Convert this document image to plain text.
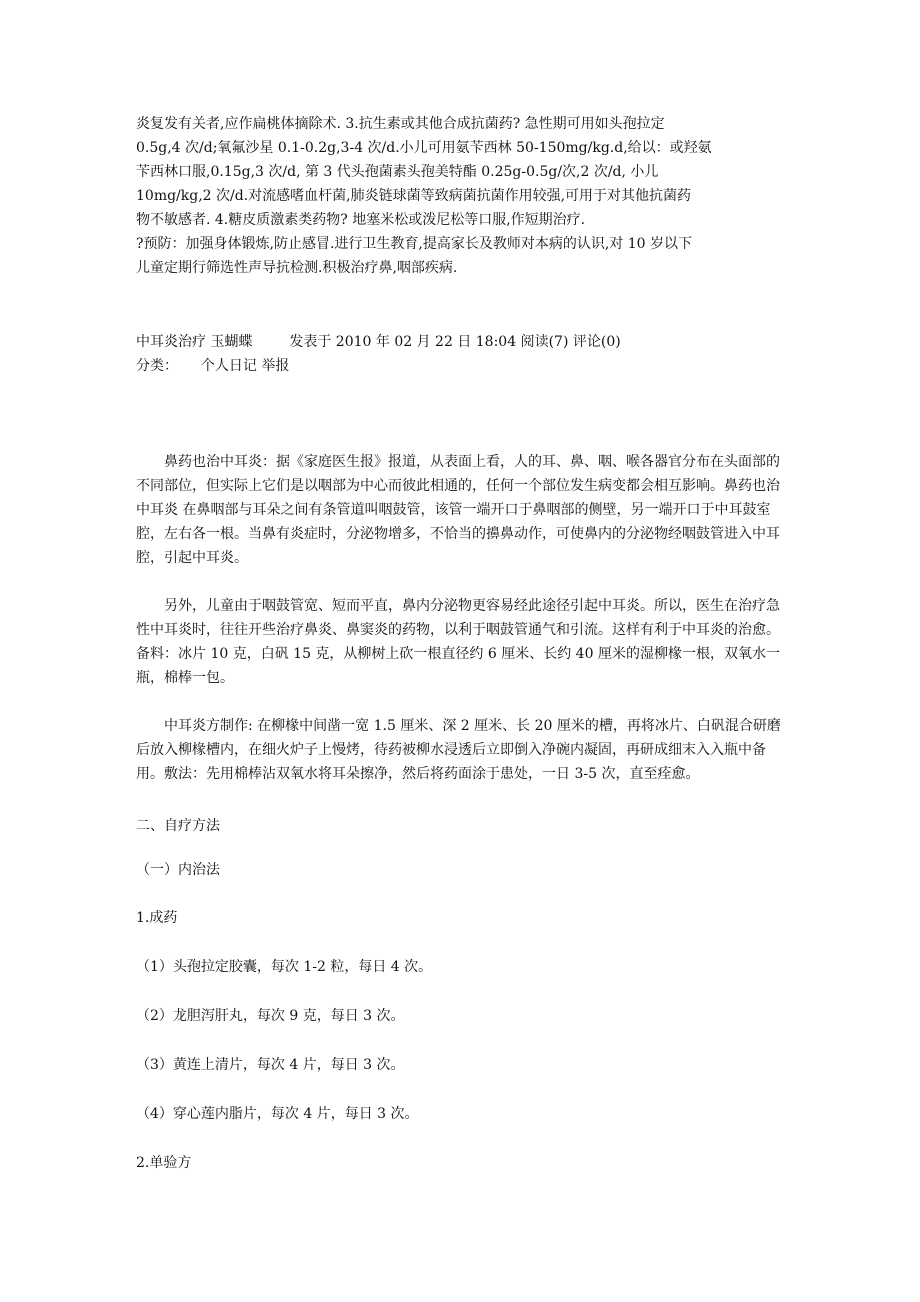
炎复发有关者,应作扁桃体摘除术. 3.抗生素或其他合成抗菌药? 急性期可用如头孢拉定

0.5g,4 次/d;氧氟沙星 0.1-0.2g,3-4 次/d.小儿可用氨苄西林 50-150mg/kg.d,给以：或羟氨

苄西林口服,0.15g,3 次/d, 第 3 代头孢菌素头孢美特酯 0.25g-0.5g/次,2 次/d, 小儿

10mg/kg,2 次/d.对流感嗜血杆菌,肺炎链球菌等致病菌抗菌作用较强,可用于对其他抗菌药

物不敏感者. 4.糖皮质激素类药物? 地塞米松或泼尼松等口服,作短期治疗.

?预防：加强身体锻炼,防止感冒.进行卫生教育,提高家长及教师对本病的认识,对 10 岁以下

儿童定期行筛选性声导抗检测.积极治疗鼻,咽部疾病.

中耳炎治疗 玉蝴蝶	发表于 2010 年 02 月 22 日 18:04 阅读(7) 评论(0)

分类： 个人日记 举报

鼻药也治中耳炎：据《家庭医生报》报道，从表面上看，人的耳、鼻、咽、喉各器官分布在头面部的不同部位，但实际上它们是以咽部为中心而彼此相通的，任何一个部位发生病变都会相互影响。鼻药也治中耳炎 在鼻咽部与耳朵之间有条管道叫咽鼓管，该管一端开口于鼻咽部的侧壁，另一端开口于中耳鼓室腔，左右各一根。当鼻有炎症时，分泌物增多，不恰当的擤鼻动作，可使鼻内的分泌物经咽鼓管进入中耳腔，引起中耳炎。

另外，儿童由于咽鼓管宽、短而平直，鼻内分泌物更容易经此途径引起中耳炎。所以，医生在治疗急性中耳炎时，往往开些治疗鼻炎、鼻窦炎的药物，以利于咽鼓管通气和引流。这样有利于中耳炎的治愈。备料：冰片 10 克，白矾 15 克，从柳树上砍一根直径约 6 厘米、长约 40 厘米的湿柳椽一根，双氧水一瓶，棉棒一包。

中耳炎方制作: 在柳椽中间凿一宽 1.5 厘米、深 2 厘米、长 20 厘米的槽，再将冰片、白矾混合研磨后放入柳椽槽内，在细火炉子上慢烤，待药被柳水浸透后立即倒入净碗内凝固，再研成细末入入瓶中备用。敷法：先用棉棒沾双氧水将耳朵擦净，然后将药面涂于患处，一日 3-5 次，直至痊愈。

二、自疗方法

（一）内治法

1.成药

（1）头孢拉定胶囊，每次 1-2 粒，每日 4 次。

（2）龙胆泻肝丸，每次 9 克，每日 3 次。

（3）黄连上清片，每次 4 片，每日 3 次。

（4）穿心莲内脂片，每次 4 片，每日 3 次。

2.单验方
